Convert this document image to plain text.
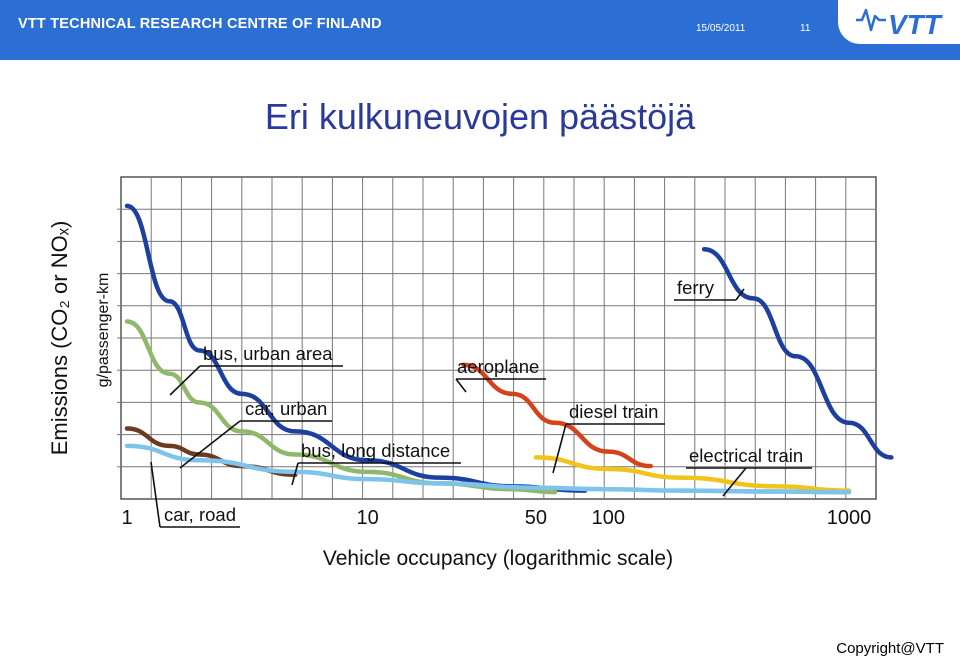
VTT TECHNICAL RESEARCH CENTRE OF FINLAND	15/05/2011	11	VTT
Eri kulkuneuvojen päästöjä
bus, urban area
car, urban
car, road
bus, long distance
aeroplane
diesel train
ferry
electrical train
1	10	50 100	1000
Vehicle occupancy (logarithmic scale)
Emissions (CO₂ or NOₓ) g/passenger-km
Copyright@VTT
